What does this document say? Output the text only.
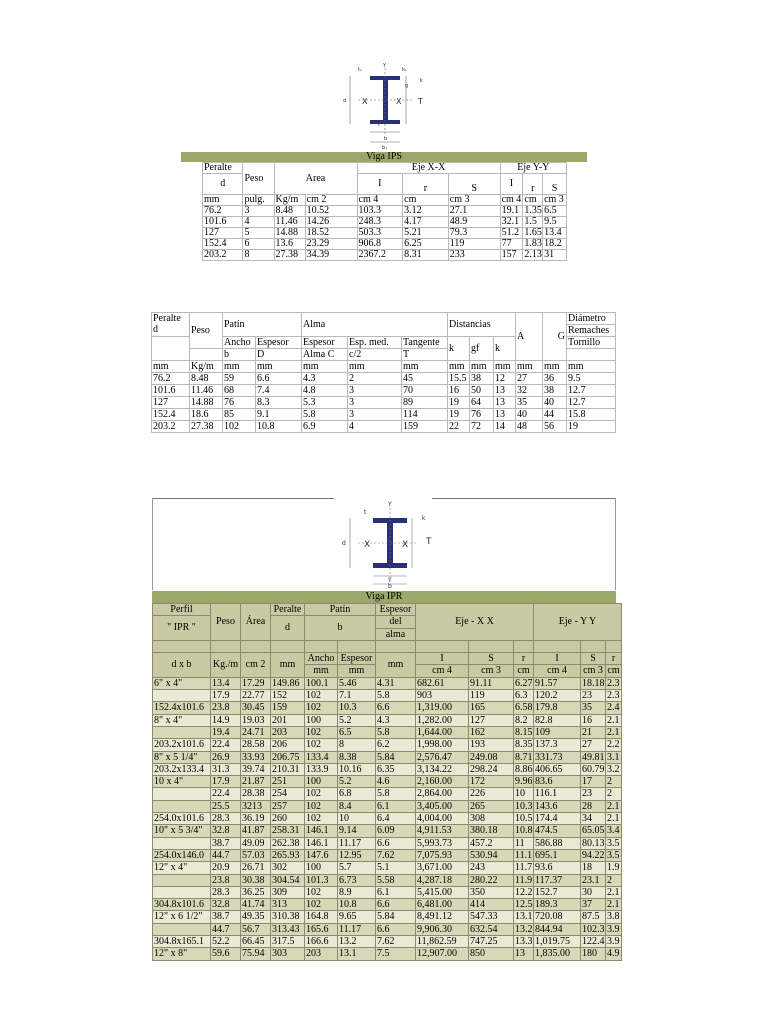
Y
X	X T
d
t₁	k₁
k
g
t
b
b₁
Viga IPS
Peralte	Peso	Area		Eje X-X			Eje Y-Y		
d				I	r	S	I	r	S
mm	pulg.	Kg/m	cm 2	cm 4	cm	cm 3	cm 4	cm	cm 3
76.2	3	8.48	10.52	103.3	3.12	27.1	19.1	1.35	6.5
101.6	4	11.46	14.26	248.3	4.17	48.9	32.1	1.5	9.5
127	5	14.88	18.52	503.3	5.21	79.3	51.2	1.65	13.4
152.4	6	13.6	23.29	906.8	6.25	119	77	1.83	18.2
203.2	8	27.38	34.39	2367.2	8.31	233	157	2.13	31
Peralte
d	Peso	Patín		Alma			Distancias			A	G	Diámetro
												Remaches
		Ancho	Espesor	Espesor	Esp. med.	Tangente	k	gf	k			Tornillo
		b	D	Alma C	c/2	T						
mm	Kg/m	mm	mm	mm	mm	mm	mm	mm	mm	mm	mm	mm
76.2	8.48	59	6.6	4.3	2	45	15.5	38	12	27	36	9.5
101.6	11.46	68	7.4	4.8	3	70	16	50	13	32	38	12.7
127	14.88	76	8.3	5.3	3	89	19	64	13	35	40	12.7
152.4	18.6	85	9.1	5.8	3	114	19	76	13	40	44	15.8
203.2	27.38	102	10.8	6.9	4	159	22	72	14	48	56	19
Y
X	X T
d
t
k
Y
b
Viga IPR
Perfil	Peso	Área	Peralte	Patín		Espesor	Eje - X X			Eje - Y Y		
" IPR "			d	b		del						
						alma						

d x b	Kg./m	cm 2	mm	Ancho	Espesor	mm	I	S	r	I	S	r
				mm	mm		cm 4	cm 3	cm	cm 4	cm 3	cm
6" x 4"	13.4	17.29	149.86	100.1	5.46	4.31	682.61	91.11	6.27	91.57	18.18	2.3
	17.9	22.77	152	102	7.1	5.8	903	119	6.3	120.2	23	2.3
152.4x101.6	23.8	30.45	159	102	10.3	6.6	1,319.00	165	6.58	179.8	35	2.4
8" x 4"	14.9	19.03	201	100	5.2	4.3	1,282.00	127	8.2	82.8	16	2.1
	19.4	24.71	203	102	6.5	5.8	1,644.00	162	8.15	109	21	2.1
203.2x101.6	22.4	28.58	206	102	8	6.2	1,998.00	193	8.35	137.3	27	2.2
8" x 5 1/4"	26.9	33.93	206.75	133.4	8.38	5.84	2,576.47	249.08	8.71	331.73	49.81	3.1
203.2x133.4	31.3	39.74	210.31	133.9	10.16	6.35	3,134.22	298.24	8.86	406.65	60.79	3.2
10 x 4"	17.9	21.87	251	100	5.2	4.6	2,160.00	172	9.96	83.6	17	2
	22.4	28.38	254	102	6.8	5.8	2,864.00	226	10	116.1	23	2
	25.5	3213	257	102	8.4	6.1	3,405.00	265	10.3	143.6	28	2.1
254.0x101.6	28.3	36.19	260	102	10	6.4	4,004.00	308	10.5	174.4	34	2.1
10" x 5 3/4"	32.8	41.87	258.31	146.1	9.14	6.09	4,911.53	380.18	10.8	474.5	65.05	3.4
	38.7	49.09	262.38	146.1	11.17	6.6	5,993.73	457.2	11	586.88	80.13	3.5
254.0x146.0	44.7	57.03	265.93	147.6	12.95	7.62	7,075.93	530.94	11.1	695.1	94.22	3.5
12" x 4"	20.9	26.71	302	100	5.7	5.1	3,671.00	243	11.7	93.6	18	1.9
	23.8	30.38	304.54	101.3	6.73	5.58	4,287.18	280.22	11.9	117.37	23.1	2
	28.3	36.25	309	102	8.9	6.1	5,415.00	350	12.2	152.7	30	2.1
304.8x101.6	32.8	41.74	313	102	10.8	6.6	6,481.00	414	12.5	189.3	37	2.1
12" x 6 1/2"	38.7	49.35	310.38	164.8	9.65	5.84	8,491.12	547.33	13.1	720.08	87.5	3.8
	44.7	56.7	313.43	165.6	11.17	6.6	9,906.30	632.54	13.2	844.94	102.3	3.9
304.8x165.1	52.2	66.45	317.5	166.6	13.2	7.62	11,862.59	747.25	13.3	1,019.75	122.4	3.9
12" x 8"	59.6	75.94	303	203	13.1	7.5	12,907.00	850	13	1,835.00	180	4.9
